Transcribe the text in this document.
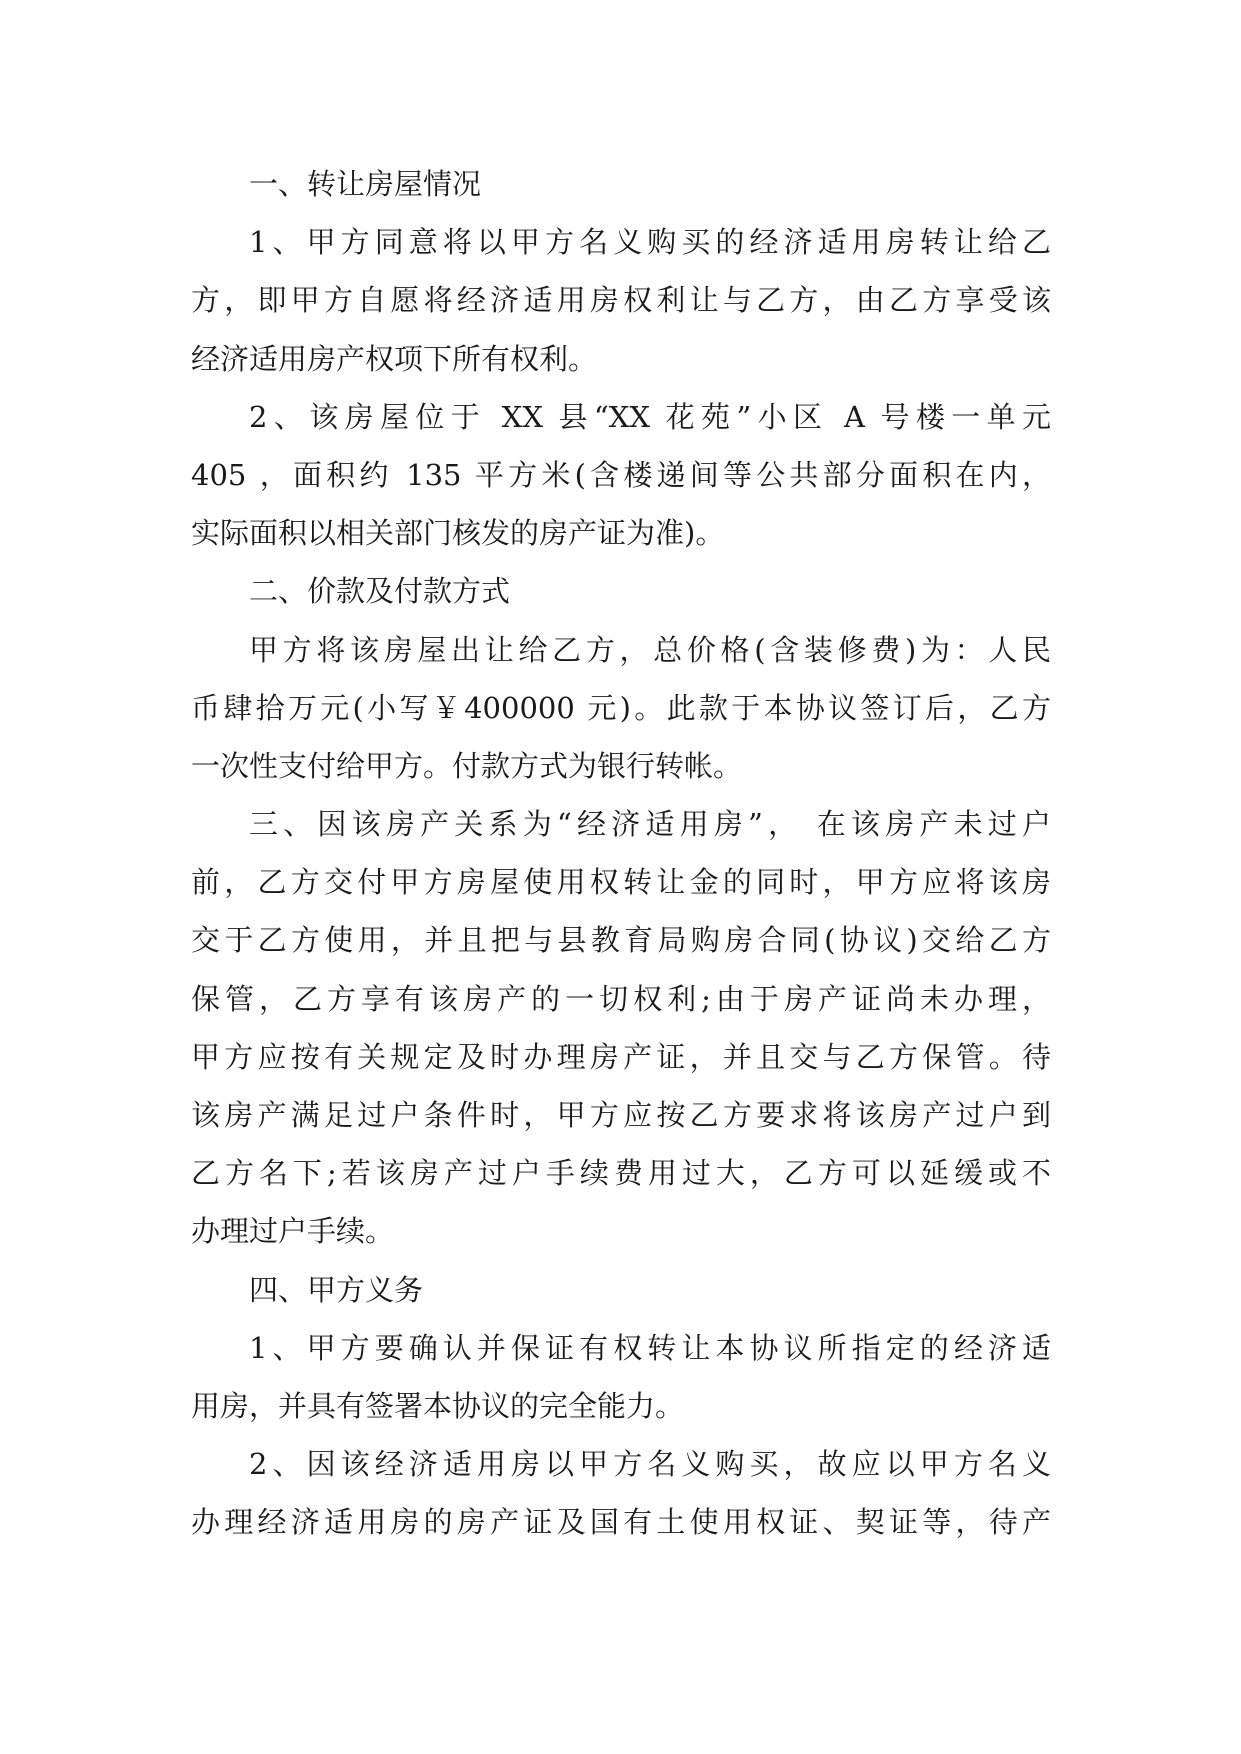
一、转让房屋情况
1、甲方同意将以甲方名义购买的经济适用房转让给乙
方，即甲方自愿将经济适用房权利让与乙方，由乙方享受该
经济适用房产权项下所有权利。
2、该房屋位于 XX 县“XX 花苑”小区 A 号楼一单元
405 ，面积约 135 平方米(含楼递间等公共部分面积在内，
实际面积以相关部门核发的房产证为准)。
二、价款及付款方式
甲方将该房屋出让给乙方，总价格(含装修费)为：人民
币肆拾万元(小写￥400000 元)。此款于本协议签订后，乙方
一次性支付给甲方。付款方式为银行转帐。
三、因该房产关系为“经济适用房”， 在该房产未过户
前，乙方交付甲方房屋使用权转让金的同时，甲方应将该房
交于乙方使用，并且把与县教育局购房合同(协议)交给乙方
保管，乙方享有该房产的一切权利;由于房产证尚未办理，
甲方应按有关规定及时办理房产证，并且交与乙方保管。待
该房产满足过户条件时，甲方应按乙方要求将该房产过户到
乙方名下;若该房产过户手续费用过大，乙方可以延缓或不
办理过户手续。
四、甲方义务
1、甲方要确认并保证有权转让本协议所指定的经济适
用房，并具有签署本协议的完全能力。
2、因该经济适用房以甲方名义购买，故应以甲方名义
办理经济适用房的房产证及国有土使用权证、契证等，待产
